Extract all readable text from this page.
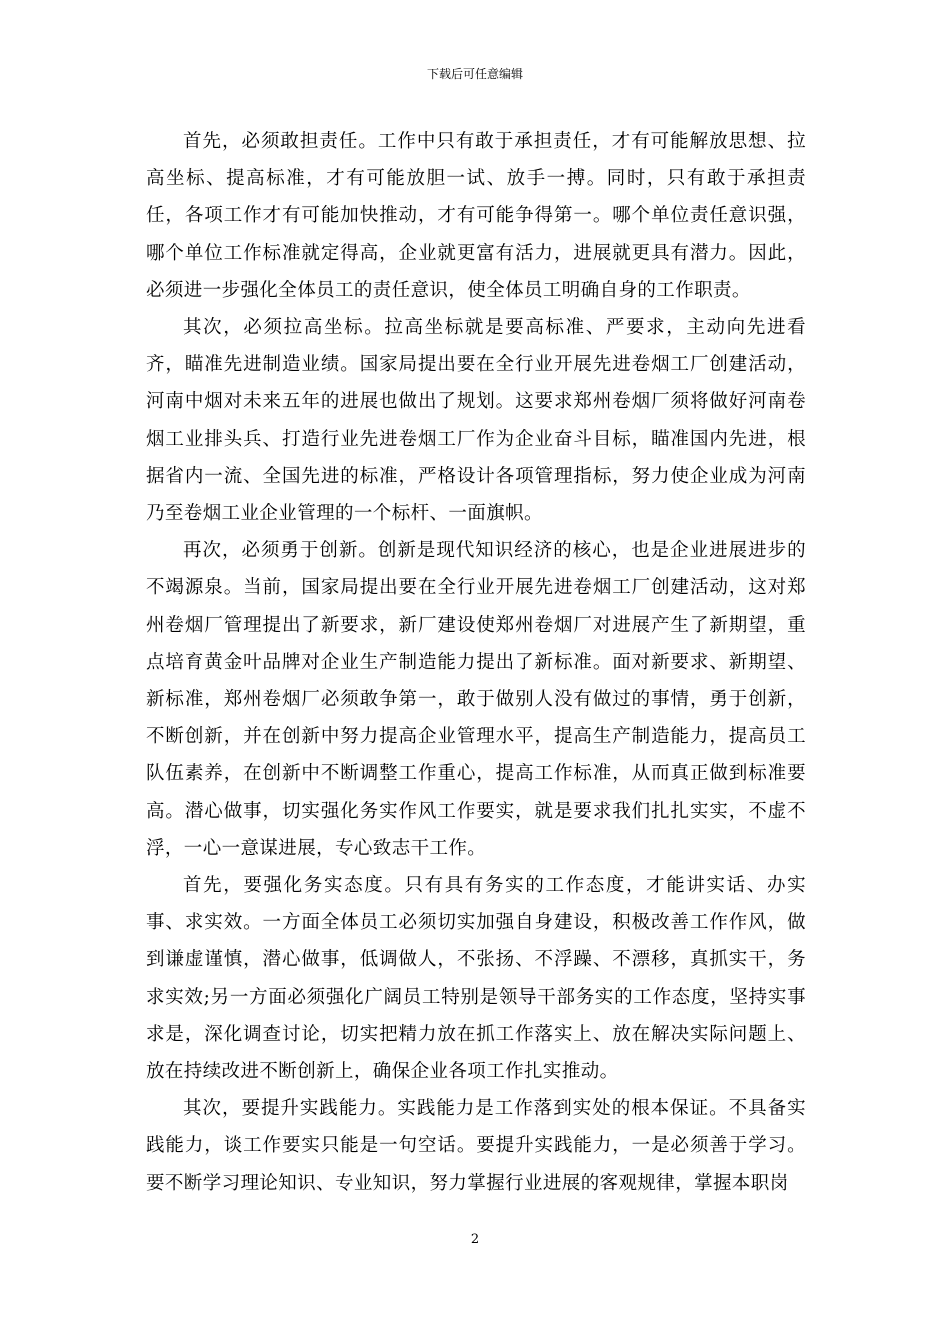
下载后可任意编辑

首先，必须敢担责任。工作中只有敢于承担责任，才有可能解放思想、拉高坐标、提高标准，才有可能放胆一试、放手一搏。同时，只有敢于承担责任，各项工作才有可能加快推动，才有可能争得第一。哪个单位责任意识强，哪个单位工作标准就定得高，企业就更富有活力，进展就更具有潜力。因此，必须进一步强化全体员工的责任意识，使全体员工明确自身的工作职责。

其次，必须拉高坐标。拉高坐标就是要高标准、严要求，主动向先进看齐，瞄准先进制造业绩。国家局提出要在全行业开展先进卷烟工厂创建活动，河南中烟对未来五年的进展也做出了规划。这要求郑州卷烟厂须将做好河南卷烟工业排头兵、打造行业先进卷烟工厂作为企业奋斗目标，瞄准国内先进，根据省内一流、全国先进的标准，严格设计各项管理指标，努力使企业成为河南乃至卷烟工业企业管理的一个标杆、一面旗帜。

再次，必须勇于创新。创新是现代知识经济的核心，也是企业进展进步的不竭源泉。当前，国家局提出要在全行业开展先进卷烟工厂创建活动，这对郑州卷烟厂管理提出了新要求，新厂建设使郑州卷烟厂对进展产生了新期望，重点培育黄金叶品牌对企业生产制造能力提出了新标准。面对新要求、新期望、新标准，郑州卷烟厂必须敢争第一，敢于做别人没有做过的事情，勇于创新，不断创新，并在创新中努力提高企业管理水平，提高生产制造能力，提高员工队伍素养，在创新中不断调整工作重心，提高工作标准，从而真正做到标准要高。潜心做事，切实强化务实作风工作要实，就是要求我们扎扎实实，不虚不浮，一心一意谋进展，专心致志干工作。

首先，要强化务实态度。只有具有务实的工作态度，才能讲实话、办实事、求实效。一方面全体员工必须切实加强自身建设，积极改善工作作风，做到谦虚谨慎，潜心做事，低调做人，不张扬、不浮躁、不漂移，真抓实干，务求实效;另一方面必须强化广阔员工特别是领导干部务实的工作态度，坚持实事求是，深化调查讨论，切实把精力放在抓工作落实上、放在解决实际问题上、放在持续改进不断创新上，确保企业各项工作扎实推动。

其次，要提升实践能力。实践能力是工作落到实处的根本保证。不具备实践能力，谈工作要实只能是一句空话。要提升实践能力，一是必须善于学习。要不断学习理论知识、专业知识，努力掌握行业进展的客观规律，掌握本职岗

2
